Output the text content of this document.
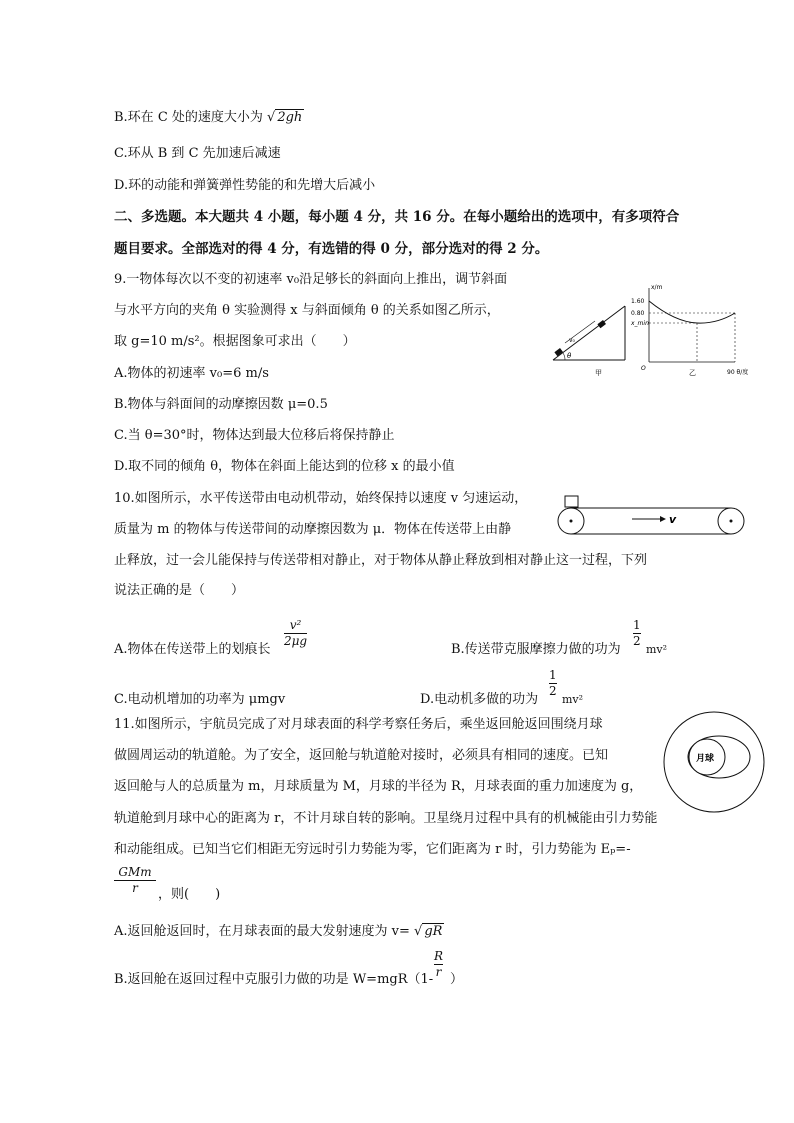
B.环在 C 处的速度大小为 √ 2gh
C.环从 B 到 C 先加速后减速
D.环的动能和弹簧弹性势能的和先增大后减小
二、多选题。本大题共 4 小题，每小题 4 分，共 16 分。在每小题给出的选项中，有多项符合
题目要求。全部选对的得 4 分，有选错的得 0 分，部分选对的得 2 分。
9.一物体每次以不变的初速率 v₀沿足够长的斜面向上推出，调节斜面
与水平方向的夹角 θ 实验测得 x 与斜面倾角 θ 的关系如图乙所示，
取 g=10 m/s²。根据图象可求出（　　）
A.物体的初速率 v₀=6 m/s
B.物体与斜面间的动摩擦因数 μ=0.5
C.当 θ=30°时，物体达到最大位移后将保持静止
D.取不同的倾角 θ，物体在斜面上能达到的位移 x 的最小值
v₀
θ
甲
x/m
1.60
0.80
x_min
O
90 θ/度
乙
10.如图所示，水平传送带由电动机带动，始终保持以速度 v 匀速运动，
质量为 m 的物体与传送带间的动摩擦因数为 μ．物体在传送带上由静
止释放，过一会儿能保持与传送带相对静止，对于物体从静止释放到相对静止这一过程，下列
说法正确的是（　　）
v
A.物体在传送带上的划痕长
v²
2μg
B.传送带克服摩擦力做的功为
1
2
mv²
C.电动机增加的功率为 μmgv	D.电动机多做的功为
1
2
mv²
11.如图所示，宇航员完成了对月球表面的科学考察任务后，乘坐返回舱返回围绕月球
做圆周运动的轨道舱。为了安全，返回舱与轨道舱对接时，必须具有相同的速度。已知
返回舱与人的总质量为 m，月球质量为 M，月球的半径为 R，月球表面的重力加速度为 g，
轨道舱到月球中心的距离为 r，不计月球自转的影响。卫星绕月过程中具有的机械能由引力势能
和动能组成。已知当它们相距无穷远时引力势能为零，它们距离为 r 时，引力势能为 Eₚ=-
GMm
r	，则(　　)
A.返回舱返回时，在月球表面的最大发射速度为 v= √ gR
B.返回舱在返回过程中克服引力做的功是 W=mgR（1-
R
r ）
月球
